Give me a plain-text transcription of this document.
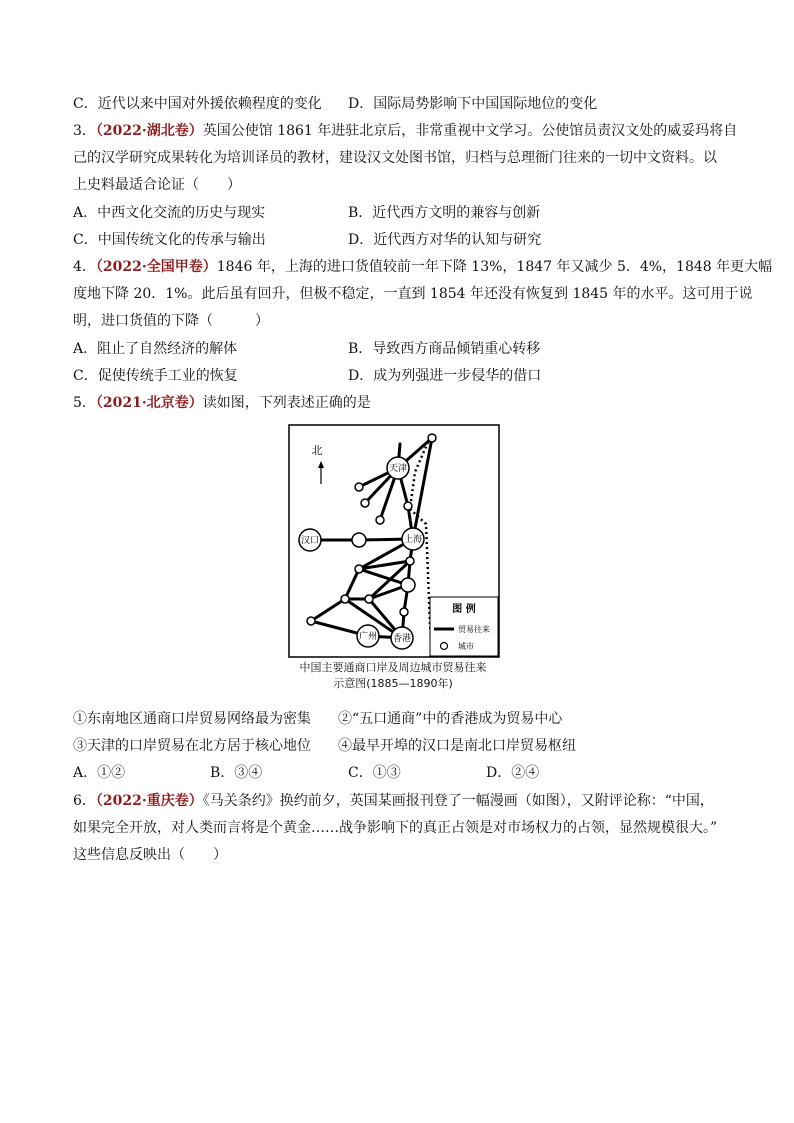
C．近代以来中国对外援依赖程度的变化 D．国际局势影响下中国国际地位的变化
3．（2022·湖北卷）英国公使馆 1861 年进驻北京后，非常重视中文学习。公使馆员责汉文处的威妥玛将自
己的汉学研究成果转化为培训译员的教材，建设汉文处图书馆，归档与总理衙门往来的一切中文资料。以
上史料最适合论证（　　）
A．中西文化交流的历史与现实	B．近代西方文明的兼容与创新
C．中国传统文化的传承与输出	D．近代西方对华的认知与研究
4．（2022·全国甲卷）1846 年，上海的进口货值较前一年下降 13%，1847 年又减少 5．4%，1848 年更大幅
度地下降 20．1%。此后虽有回升，但极不稳定，一直到 1854 年还没有恢复到 1845 年的水平。这可用于说
明，进口货值的下降（　　　）
A．阻止了自然经济的解体	B．导致西方商品倾销重心转移
C．促使传统手工业的恢复	D．成为列强进一步侵华的借口
5．（2021·北京卷）读如图，下列表述正确的是
北
天津
汉口	上海
广州 香港
图 例
贸易往来
城市
中国主要通商口岸及周边城市贸易往来
示意图(1885—1890年)
①东南地区通商口岸贸易网络最为密集 ②“五口通商”中的香港成为贸易中心
③天津的口岸贸易在北方居于核心地位 ④最早开埠的汉口是南北口岸贸易枢纽
A．①②	B．③④	C．①③	D．②④
6．（2022·重庆卷）《马关条约》换约前夕，英国某画报刊登了一幅漫画（如图），又附评论称：“中国，
如果完全开放，对人类而言将是个黄金……战争影响下的真正占领是对市场权力的占领，显然规模很大。”
这些信息反映出（　　）
